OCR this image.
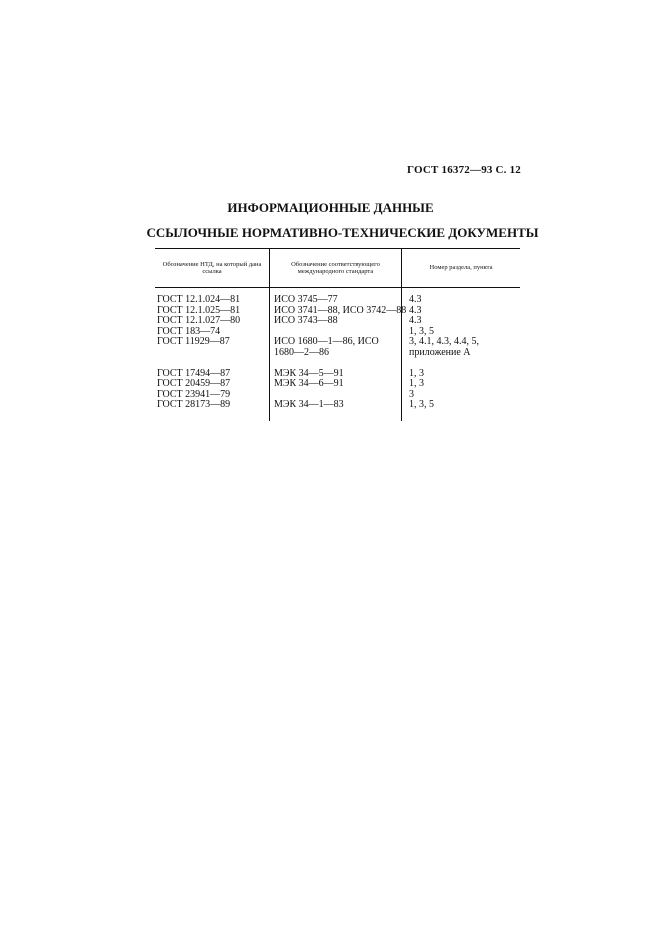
ГОСТ 16372—93 С. 12
ИНФОРМАЦИОННЫЕ ДАННЫЕ
ССЫЛОЧНЫЕ НОРМАТИВНО-ТЕХНИЧЕСКИЕ ДОКУМЕНТЫ
Обозначение НТД, на который дана ссылка
Обозначение соответствующего международного стандарта
Номер раздела, пункта
ГОСТ 12.1.024—81
ГОСТ 12.1.025—81
ГОСТ 12.1.027—80
ГОСТ 183—74
ГОСТ 11929—87

ГОСТ 17494—87
ГОСТ 20459—87
ГОСТ 23941—79
ГОСТ 28173—89
ИСО 3745—77
ИСО 3741—88, ИСО 3742—88
ИСО 3743—88

ИСО 1680—1—86, ИСО
1680—2—86

МЭК 34—5—91
МЭК 34—6—91

МЭК 34—1—83
4.3
4.3
4.3
1, 3, 5
3, 4.1, 4.3, 4.4, 5,
приложение А

1, 3
1, 3
3
1, 3, 5
